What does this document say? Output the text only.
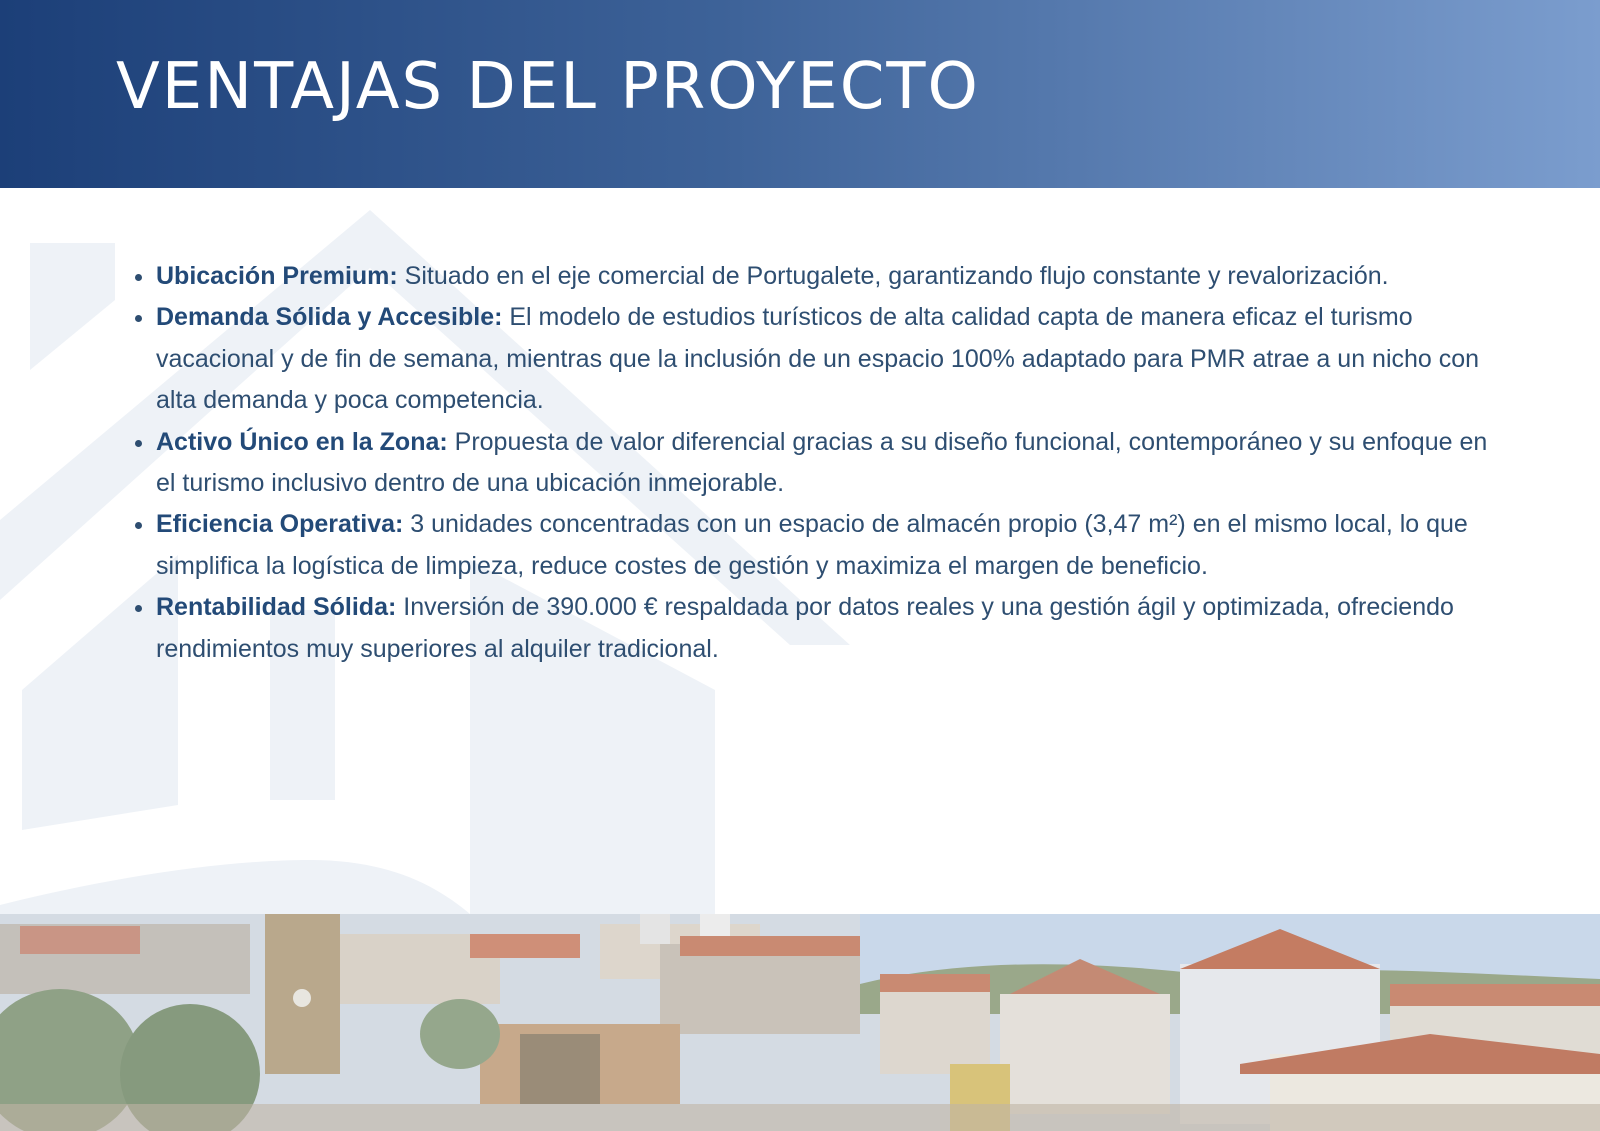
VENTAJAS DEL PROYECTO
• Ubicación Premium: Situado en el eje comercial de Portugalete, garantizando flujo constante y revalorización.
• Demanda Sólida y Accesible: El modelo de estudios turísticos de alta calidad capta de manera eficaz el turismo vacacional y de fin de semana, mientras que la inclusión de un espacio 100% adaptado para PMR atrae a un nicho con alta demanda y poca competencia.
• Activo Único en la Zona: Propuesta de valor diferencial gracias a su diseño funcional, contemporáneo y su enfoque en el turismo inclusivo dentro de una ubicación inmejorable.
• Eficiencia Operativa: 3 unidades concentradas con un espacio de almacén propio (3,47 m²) en el mismo local, lo que simplifica la logística de limpieza, reduce costes de gestión y maximiza el margen de beneficio.
• Rentabilidad Sólida: Inversión de 390.000 € respaldada por datos reales y una gestión ágil y optimizada, ofreciendo rendimientos muy superiores al alquiler tradicional.
